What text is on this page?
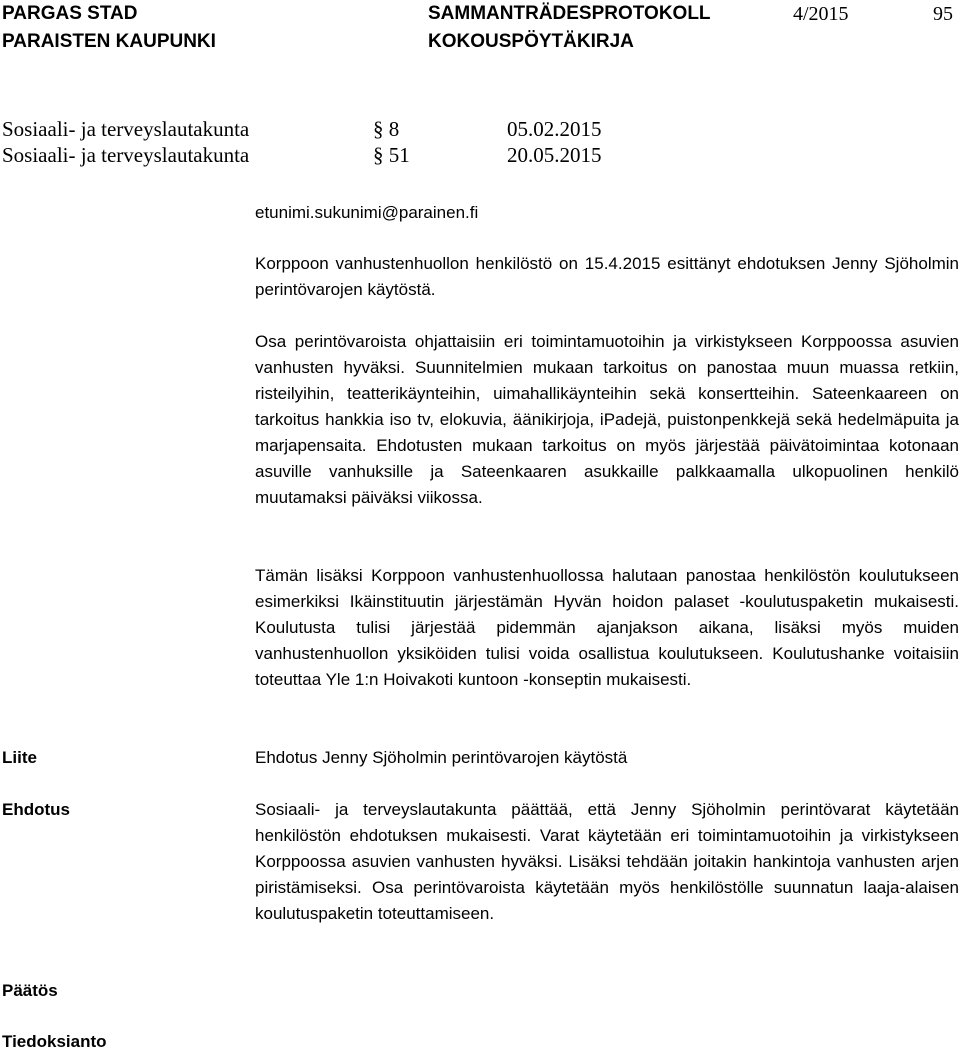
PARGAS STAD
PARAISTEN KAUPUNKI
SAMMANTRÄDESPROTOKOLL
KOKOUSPÖYTÄKIRJA
4/2015	95
Sosiaali- ja terveyslautakunta	§ 8	05.02.2015
Sosiaali- ja terveyslautakunta	§ 51	20.05.2015
etunimi.sukunimi@parainen.fi
Korppoon vanhustenhuollon henkilöstö on 15.4.2015 esittänyt ehdotuksen Jenny Sjöholmin perintövarojen käytöstä.
Osa perintövaroista ohjattaisiin eri toimintamuotoihin ja virkistykseen Korppoossa asuvien vanhusten hyväksi. Suunnitelmien mukaan tarkoitus on panostaa muun muassa retkiin, risteilyihin, teatterikäynteihin, uimahallikäynteihin sekä konsertteihin. Sateenkaareen on tarkoitus hankkia iso tv, elokuvia, äänikirjoja, iPadejä, puistonpenkkejä sekä hedelmäpuita ja marjapensaita. Ehdotusten mukaan tarkoitus on myös järjestää päivätoimintaa kotonaan asuville vanhuksille ja Sateenkaaren asukkaille palkkaamalla ulkopuolinen henkilö muutamaksi päiväksi viikossa.
Tämän lisäksi Korppoon vanhustenhuollossa halutaan panostaa henkilöstön koulutukseen esimerkiksi Ikäinstituutin järjestämän Hyvän hoidon palaset -koulutuspaketin mukaisesti. Koulutusta tulisi järjestää pidemmän ajanjakson aikana, lisäksi myös muiden vanhustenhuollon yksiköiden tulisi voida osallistua koulutukseen. Koulutushanke voitaisiin toteuttaa Yle 1:n Hoivakoti kuntoon -konseptin mukaisesti.
Liite	Ehdotus Jenny Sjöholmin perintövarojen käytöstä
Ehdotus	Sosiaali- ja terveyslautakunta päättää, että Jenny Sjöholmin perintövarat käytetään henkilöstön ehdotuksen mukaisesti. Varat käytetään eri toimintamuotoihin ja virkistykseen Korppoossa asuvien vanhusten hyväksi. Lisäksi tehdään joitakin hankintoja vanhusten arjen piristämiseksi. Osa perintövaroista käytetään myös henkilöstölle suunnatun laaja-alaisen koulutuspaketin toteuttamiseen.
Päätös
Tiedoksianto
